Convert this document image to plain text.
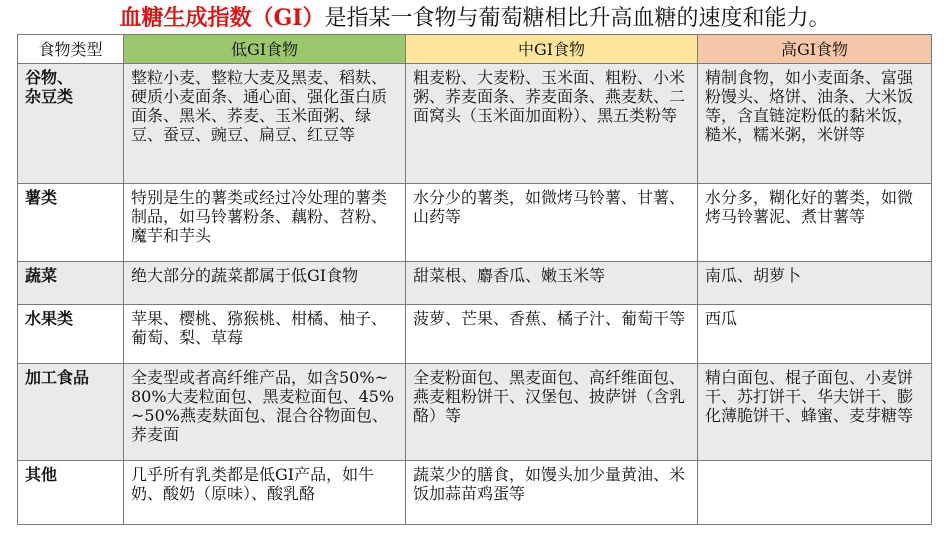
血糖生成指数（GI）是指某一食物与葡萄糖相比升高血糖的速度和能力。
食物类型	低GI食物	中GI食物	高GI食物
谷物、
杂豆类	整粒小麦、整粒大麦及黑麦、稻麸、硬质小麦面条、通心面、强化蛋白质面条、黑米、荞麦、玉米面粥、绿豆、蚕豆、豌豆、扁豆、红豆等	粗麦粉、大麦粉、玉米面、粗粉、小米粥、荞麦面条、荞麦面条、燕麦麸、二面窝头（玉米面加面粉）、黑五类粉等	精制食物，如小麦面条、富强粉馒头、烙饼、油条、大米饭等，含直链淀粉低的黏米饭，糙米，糯米粥，米饼等
薯类	特别是生的薯类或经过冷处理的薯类制品，如马铃薯粉条、藕粉、苕粉、魔芋和芋头	水分少的薯类，如微烤马铃薯、甘薯、山药等	水分多，糊化好的薯类，如微烤马铃薯泥、煮甘薯等
蔬菜	绝大部分的蔬菜都属于低GI食物	甜菜根、麝香瓜、嫩玉米等	南瓜、胡萝卜
水果类	苹果、樱桃、猕猴桃、柑橘、柚子、葡萄、梨、草莓	菠萝、芒果、香蕉、橘子汁、葡萄干等	西瓜
加工食品	全麦型或者高纤维产品，如含50%~80%大麦粒面包、黑麦粒面包、45%~50%燕麦麸面包、混合谷物面包、荞麦面	全麦粉面包、黑麦面包、高纤维面包、燕麦粗粉饼干、汉堡包、披萨饼（含乳酪）等	精白面包、棍子面包、小麦饼干、苏打饼干、华夫饼干、膨化薄脆饼干、蜂蜜、麦芽糖等
其他	几乎所有乳类都是低GI产品，如牛奶、酸奶（原味）、酸乳酪	蔬菜少的膳食，如馒头加少量黄油、米饭加蒜苗鸡蛋等	
